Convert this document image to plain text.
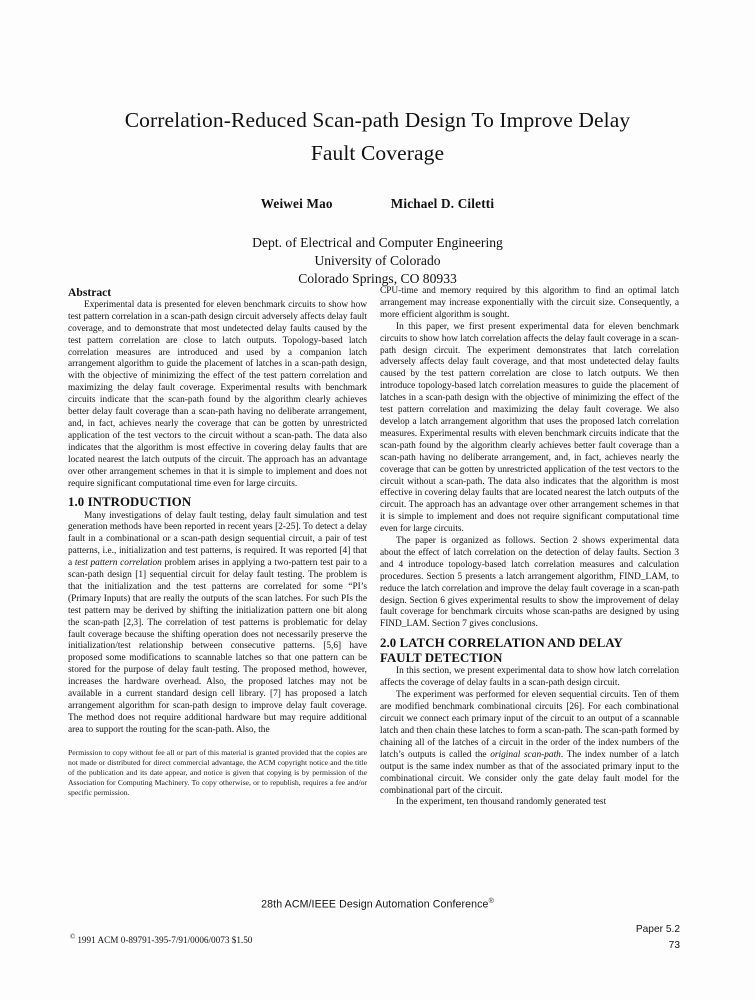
Correlation-Reduced Scan-path Design To Improve Delay
Fault Coverage
Weiwei Mao	Michael D. Ciletti
Dept. of Electrical and Computer Engineering
University of Colorado
Colorado Springs, CO 80933
Abstract

Experimental data is presented for eleven benchmark circuits to show how test pattern correlation in a scan-path design circuit adversely affects delay fault coverage, and to demonstrate that most undetected delay faults caused by the test pattern correlation are close to latch outputs. Topology-based latch correlation measures are introduced and used by a companion latch arrangement algorithm to guide the placement of latches in a scan-path design, with the objective of minimizing the effect of the test pattern correlation and maximizing the delay fault coverage. Experimental results with benchmark circuits indicate that the scan-path found by the algorithm clearly achieves better delay fault coverage than a scan-path having no deliberate arrangement, and, in fact, achieves nearly the coverage that can be gotten by unrestricted application of the test vectors to the circuit without a scan-path. The data also indicates that the algorithm is most effective in covering delay faults that are located nearest the latch outputs of the circuit. The approach has an advantage over other arrangement schemes in that it is simple to implement and does not require significant computational time even for large circuits.

1.0 INTRODUCTION

Many investigations of delay fault testing, delay fault simulation and test generation methods have been reported in recent years [2-25]. To detect a delay fault in a combinational or a scan-path design sequential circuit, a pair of test patterns, i.e., initialization and test patterns, is required. It was reported [4] that a test pattern correlation problem arises in applying a two-pattern test pair to a scan-path design [1] sequential circuit for delay fault testing. The problem is that the initialization and the test patterns are correlated for some “PI’s (Primary Inputs) that are really the outputs of the scan latches. For such PIs the test pattern may be derived by shifting the initialization pattern one bit along the scan-path [2,3]. The correlation of test patterns is problematic for delay fault coverage because the shifting operation does not necessarily preserve the initialization/test relationship between consecutive patterns. [5,6] have proposed some modifications to scannable latches so that one pattern can be stored for the purpose of delay fault testing. The proposed method, however, increases the hardware overhead. Also, the proposed latches may not be available in a current standard design cell library. [7] has proposed a latch arrangement algorithm for scan-path design to improve delay fault coverage. The method does not require additional hardware but may require additional area to support the routing for the scan-path. Also, the

Permission to copy without fee all or part of this material is granted provided that the copies are not made or distributed for direct commercial advantage, the ACM copyright notice and the title of the publication and its date appear, and notice is given that copying is by permission of the Association for Computing Machinery. To copy otherwise, or to republish, requires a fee and/or specific permission.

CPU-time and memory required by this algorithm to find an optimal latch arrangement may increase exponentially with the circuit size. Consequently, a more efficient algorithm is sought.

In this paper, we first present experimental data for eleven benchmark circuits to show how latch correlation affects the delay fault coverage in a scan-path design circuit. The experiment demonstrates that latch correlation adversely affects delay fault coverage, and that most undetected delay faults caused by the test pattern correlation are close to latch outputs. We then introduce topology-based latch correlation measures to guide the placement of latches in a scan-path design with the objective of minimizing the effect of the test pattern correlation and maximizing the delay fault coverage. We also develop a latch arrangement algorithm that uses the proposed latch correlation measures. Experimental results with eleven benchmark circuits indicate that the scan-path found by the algorithm clearly achieves better fault coverage than a scan-path having no deliberate arrangement, and, in fact, achieves nearly the coverage that can be gotten by unrestricted application of the test vectors to the circuit without a scan-path. The data also indicates that the algorithm is most effective in covering delay faults that are located nearest the latch outputs of the circuit. The approach has an advantage over other arrangement schemes in that it is simple to implement and does not require significant computational time even for large circuits.

The paper is organized as follows. Section 2 shows experimental data about the effect of latch correlation on the detection of delay faults. Section 3 and 4 introduce topology-based latch correlation measures and calculation procedures. Section 5 presents a latch arrangement algorithm, FIND_LAM, to reduce the latch correlation and improve the delay fault coverage in a scan-path design. Section 6 gives experimental results to show the improvement of delay fault coverage for benchmark circuits whose scan-paths are designed by using FIND_LAM. Section 7 gives conclusions.

2.0 LATCH CORRELATION AND DELAY
FAULT DETECTION

In this section, we present experimental data to show how latch correlation affects the coverage of delay faults in a scan-path design circuit.

The experiment was performed for eleven sequential circuits. Ten of them are modified benchmark combinational circuits [26]. For each combinational circuit we connect each primary input of the circuit to an output of a scannable latch and then chain these latches to form a scan-path. The scan-path formed by chaining all of the latches of a circuit in the order of the index numbers of the latch’s outputs is called the original scan-path. The index number of a latch output is the same index number as that of the associated primary input to the combinational circuit. We consider only the gate delay fault model for the combinational part of the circuit.

In the experiment, ten thousand randomly generated test

28th ACM/IEEE Design Automation Conference®
© 1991 ACM 0-89791-395-7/91/0006/0073 $1.50
Paper 5.2
73
